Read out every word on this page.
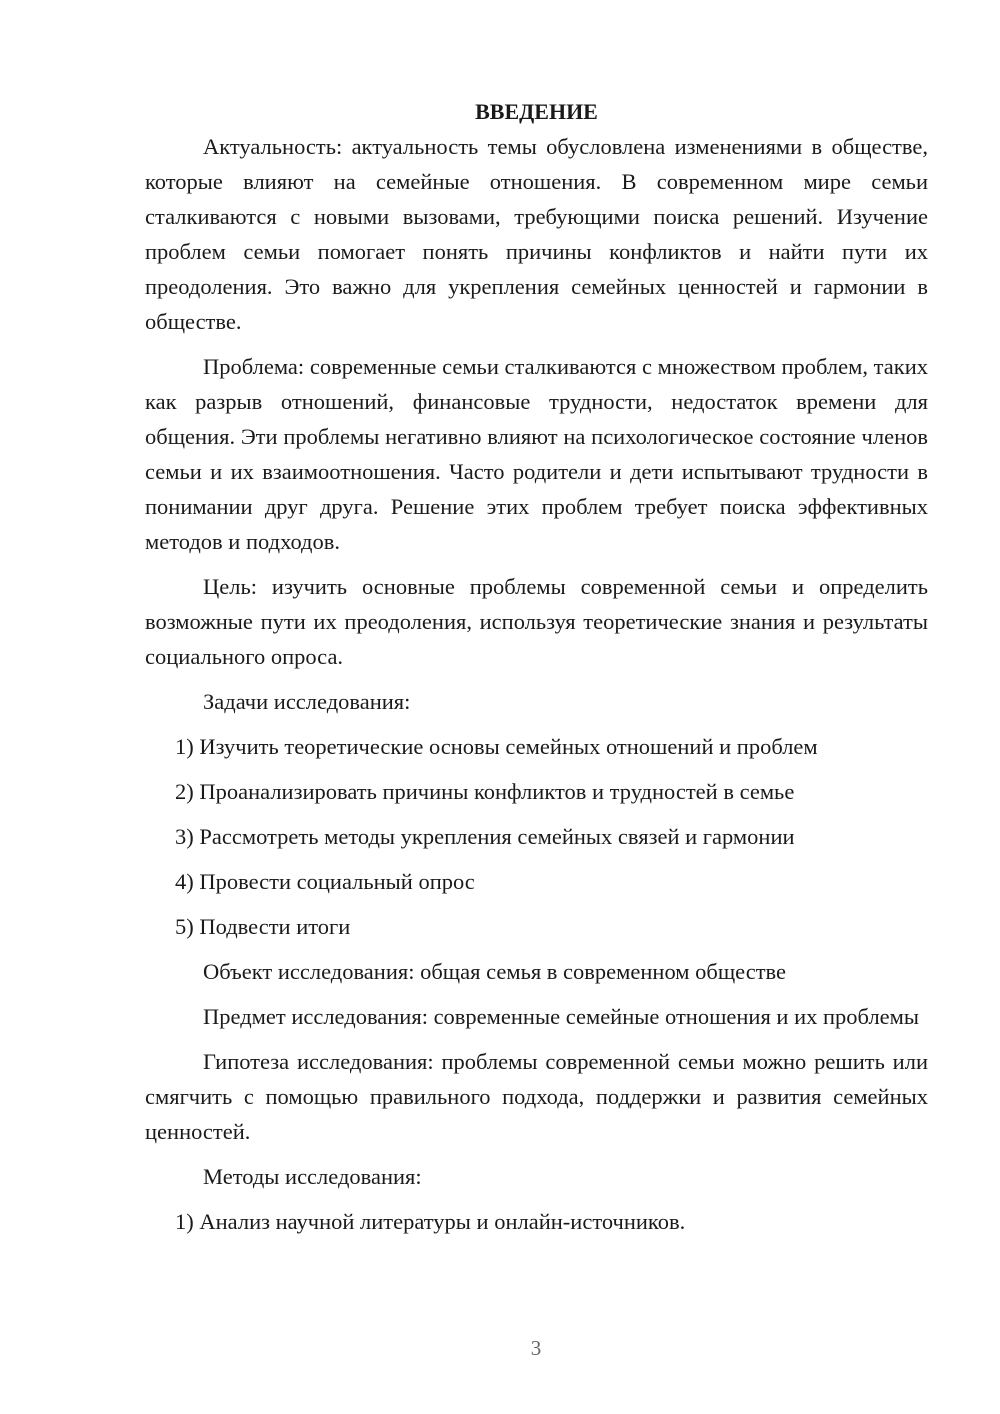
ВВЕДЕНИЕ

Актуальность: актуальность темы обусловлена изменениями в обществе, которые влияют на семейные отношения. В современном мире семьи сталкиваются с новыми вызовами, требующими поиска решений. Изучение проблем семьи помогает понять причины конфликтов и найти пути их преодоления. Это важно для укрепления семейных ценностей и гармонии в обществе.

Проблема: современные семьи сталкиваются с множеством проблем, таких как разрыв отношений, финансовые трудности, недостаток времени для общения. Эти проблемы негативно влияют на психологическое состояние членов семьи и их взаимоотношения. Часто родители и дети испытывают трудности в понимании друг друга. Решение этих проблем требует поиска эффективных методов и подходов.

Цель: изучить основные проблемы современной семьи и определить возможные пути их преодоления, используя теоретические знания и результаты социального опроса.

Задачи исследования:

1) Изучить теоретические основы семейных отношений и проблем

2) Проанализировать причины конфликтов и трудностей в семье

3) Рассмотреть методы укрепления семейных связей и гармонии

4) Провести социальный опрос

5) Подвести итоги

Объект исследования: общая семья в современном обществе

Предмет исследования: современные семейные отношения и их проблемы

Гипотеза исследования: проблемы современной семьи можно решить или смягчить с помощью правильного подхода, поддержки и развития семейных ценностей.

Методы исследования:

1) Анализ научной литературы и онлайн-источников.

3
